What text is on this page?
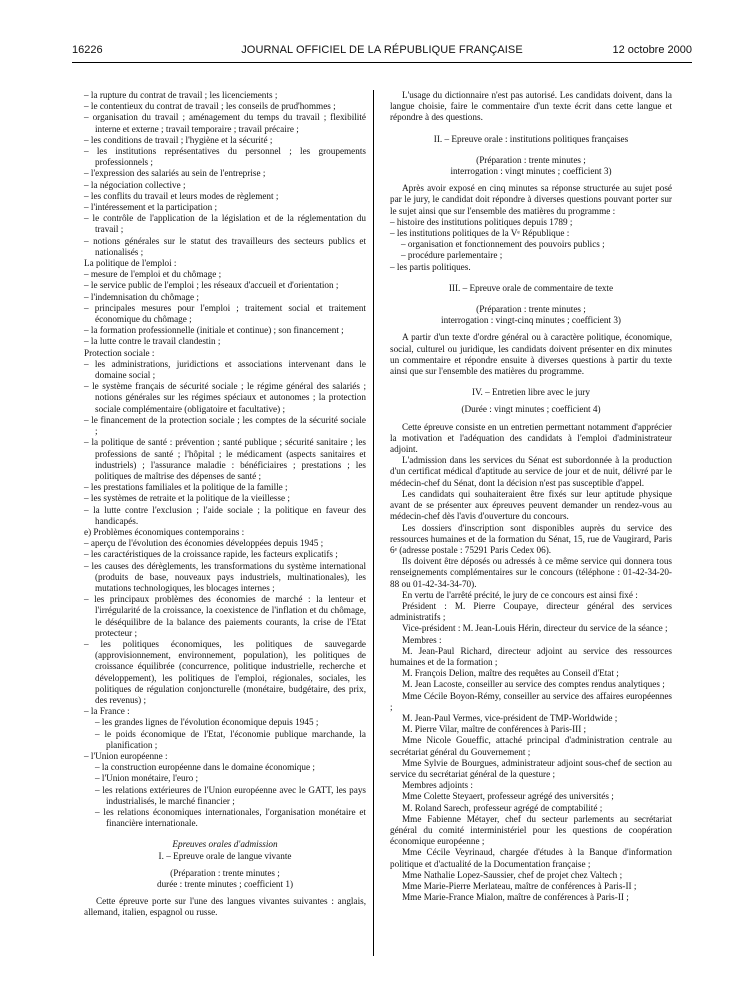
16226	JOURNAL OFFICIEL DE LA RÉPUBLIQUE FRANÇAISE	12 octobre 2000

– la rupture du contrat de travail ; les licenciements ;

– le contentieux du contrat de travail ; les conseils de prud'hommes ;

– organisation du travail ; aménagement du temps du travail ; flexibilité interne et externe ; travail temporaire ; travail précaire ;

– les conditions de travail ; l'hygiène et la sécurité ;

– les institutions représentatives du personnel ; les groupements professionnels ;

– l'expression des salariés au sein de l'entreprise ;

– la négociation collective ;

– les conflits du travail et leurs modes de règlement ;

– l'intéressement et la participation ;

– le contrôle de l'application de la législation et de la réglementation du travail ;

– notions générales sur le statut des travailleurs des secteurs publics et nationalisés ;

La politique de l'emploi :

– mesure de l'emploi et du chômage ;

– le service public de l'emploi ; les réseaux d'accueil et d'orientation ;

– l'indemnisation du chômage ;

– principales mesures pour l'emploi ; traitement social et traitement économique du chômage ;

– la formation professionnelle (initiale et continue) ; son financement ;

– la lutte contre le travail clandestin ;

Protection sociale :

– les administrations, juridictions et associations intervenant dans le domaine social ;

– le système français de sécurité sociale ; le régime général des salariés ; notions générales sur les régimes spéciaux et autonomes ; la protection sociale complémentaire (obligatoire et facultative) ;

– le financement de la protection sociale ; les comptes de la sécurité sociale ;

– la politique de santé : prévention ; santé publique ; sécurité sanitaire ; les professions de santé ; l'hôpital ; le médicament (aspects sanitaires et industriels) ; l'assurance maladie : bénéficiaires ; prestations ; les politiques de maîtrise des dépenses de santé ;

– les prestations familiales et la politique de la famille ;

– les systèmes de retraite et la politique de la vieillesse ;

– la lutte contre l'exclusion ; l'aide sociale ; la politique en faveur des handicapés.

e) Problèmes économiques contemporains :

– aperçu de l'évolution des économies développées depuis 1945 ;

– les caractéristiques de la croissance rapide, les facteurs explicatifs ;

– les causes des dérèglements, les transformations du système international (produits de base, nouveaux pays industriels, multinationales), les mutations technologiques, les blocages internes ;

– les principaux problèmes des économies de marché : la lenteur et l'irrégularité de la croissance, la coexistence de l'inflation et du chômage, le déséquilibre de la balance des paiements courants, la crise de l'Etat protecteur ;

– les politiques économiques, les politiques de sauvegarde (approvisionnement, environnement, population), les politiques de croissance équilibrée (concurrence, politique industrielle, recherche et développement), les politiques de l'emploi, régionales, sociales, les politiques de régulation conjoncturelle (monétaire, budgétaire, des prix, des revenus) ;

– la France :

– les grandes lignes de l'évolution économique depuis 1945 ;

– le poids économique de l'Etat, l'économie publique marchande, la planification ;

– l'Union européenne :

– la construction européenne dans le domaine économique ;

– l'Union monétaire, l'euro ;

– les relations extérieures de l'Union européenne avec le GATT, les pays industrialisés, le marché financier ;

– les relations économiques internationales, l'organisation monétaire et financière internationale.

Epreuves orales d'admission

I. – Epreuve orale de langue vivante

(Préparation : trente minutes ;

durée : trente minutes ; coefficient 1)

Cette épreuve porte sur l'une des langues vivantes suivantes : anglais, allemand, italien, espagnol ou russe.

L'usage du dictionnaire n'est pas autorisé. Les candidats doivent, dans la langue choisie, faire le commentaire d'un texte écrit dans cette langue et répondre à des questions.

II. – Epreuve orale : institutions politiques françaises

(Préparation : trente minutes ;

interrogation : vingt minutes ; coefficient 3)

Après avoir exposé en cinq minutes sa réponse structurée au sujet posé par le jury, le candidat doit répondre à diverses questions pouvant porter sur le sujet ainsi que sur l'ensemble des matières du programme :

– histoire des institutions politiques depuis 1789 ;

– les institutions politiques de la Vᵉ République :

– organisation et fonctionnement des pouvoirs publics ;

– procédure parlementaire ;

– les partis politiques.

III. – Epreuve orale de commentaire de texte

(Préparation : trente minutes ;

interrogation : vingt-cinq minutes ; coefficient 3)

A partir d'un texte d'ordre général ou à caractère politique, économique, social, culturel ou juridique, les candidats doivent présenter en dix minutes un commentaire et répondre ensuite à diverses questions à partir du texte ainsi que sur l'ensemble des matières du programme.

IV. – Entretien libre avec le jury

(Durée : vingt minutes ; coefficient 4)

Cette épreuve consiste en un entretien permettant notamment d'apprécier la motivation et l'adéquation des candidats à l'emploi d'administrateur adjoint.

L'admission dans les services du Sénat est subordonnée à la production d'un certificat médical d'aptitude au service de jour et de nuit, délivré par le médecin-chef du Sénat, dont la décision n'est pas susceptible d'appel.

Les candidats qui souhaiteraient être fixés sur leur aptitude physique avant de se présenter aux épreuves peuvent demander un rendez-vous au médecin-chef dès l'avis d'ouverture du concours.

Les dossiers d'inscription sont disponibles auprès du service des ressources humaines et de la formation du Sénat, 15, rue de Vaugirard, Paris 6ᵉ (adresse postale : 75291 Paris Cedex 06).

Ils doivent être déposés ou adressés à ce même service qui donnera tous renseignements complémentaires sur le concours (téléphone : 01-42-34-20-88 ou 01-42-34-34-70).

En vertu de l'arrêté précité, le jury de ce concours est ainsi fixé :

Président : M. Pierre Coupaye, directeur général des services administratifs ;

Vice-président : M. Jean-Louis Hérin, directeur du service de la séance ;

Membres :

M. Jean-Paul Richard, directeur adjoint au service des ressources humaines et de la formation ;

M. François Delion, maître des requêtes au Conseil d'Etat ;

M. Jean Lacoste, conseiller au service des comptes rendus analytiques ;

Mme Cécile Boyon-Rémy, conseiller au service des affaires européennes ;

M. Jean-Paul Vermes, vice-président de TMP-Worldwide ;

M. Pierre Vilar, maître de conférences à Paris-III ;

Mme Nicole Goueffic, attaché principal d'administration centrale au secrétariat général du Gouvernement ;

Mme Sylvie de Bourgues, administrateur adjoint sous-chef de section au service du secrétariat général de la questure ;

Membres adjoints :

Mme Colette Steyaert, professeur agrégé des universités ;

M. Roland Sarech, professeur agrégé de comptabilité ;

Mme Fabienne Métayer, chef du secteur parlements au secrétariat général du comité interministériel pour les questions de coopération économique européenne ;

Mme Cécile Veyrinaud, chargée d'études à la Banque d'information politique et d'actualité de la Documentation française ;

Mme Nathalie Lopez-Saussier, chef de projet chez Valtech ;

Mme Marie-Pierre Merlateau, maître de conférences à Paris-II ;

Mme Marie-France Mialon, maître de conférences à Paris-II ;
